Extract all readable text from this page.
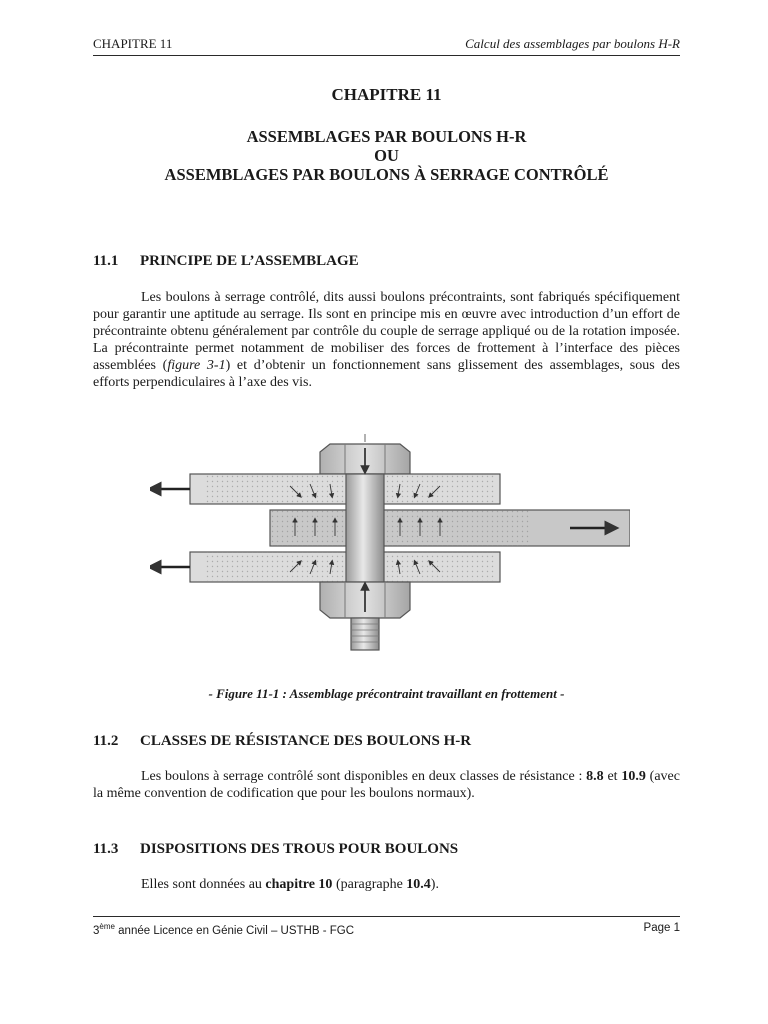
CHAPITRE 11	Calcul des assemblages par boulons H-R
CHAPITRE 11
ASSEMBLAGES PAR BOULONS H-R
OU
ASSEMBLAGES PAR BOULONS À SERRAGE CONTRÔLÉ
11.1	PRINCIPE DE L’ASSEMBLAGE
Les boulons à serrage contrôlé, dits aussi boulons précontraints, sont fabriqués spécifiquement pour garantir une aptitude au serrage. Ils sont en principe mis en œuvre avec introduction d’un effort de précontrainte obtenu généralement par contrôle du couple de serrage appliqué ou de la rotation imposée. La précontrainte permet notamment de mobiliser des forces de frottement à l’interface des pièces assemblées (figure 3-1) et d’obtenir un fonctionnement sans glissement des assemblages, sous des efforts perpendiculaires à l’axe des vis.
- Figure 11-1 : Assemblage précontraint travaillant en frottement -
11.2	CLASSES DE RÉSISTANCE DES BOULONS H-R
Les boulons à serrage contrôlé sont disponibles en deux classes de résistance : 8.8 et 10.9 (avec la même convention de codification que pour les boulons normaux).
11.3	DISPOSITIONS DES TROUS POUR BOULONS
Elles sont données au chapitre 10 (paragraphe 10.4).
3ème année Licence en Génie Civil – USTHB - FGC	Page 1
